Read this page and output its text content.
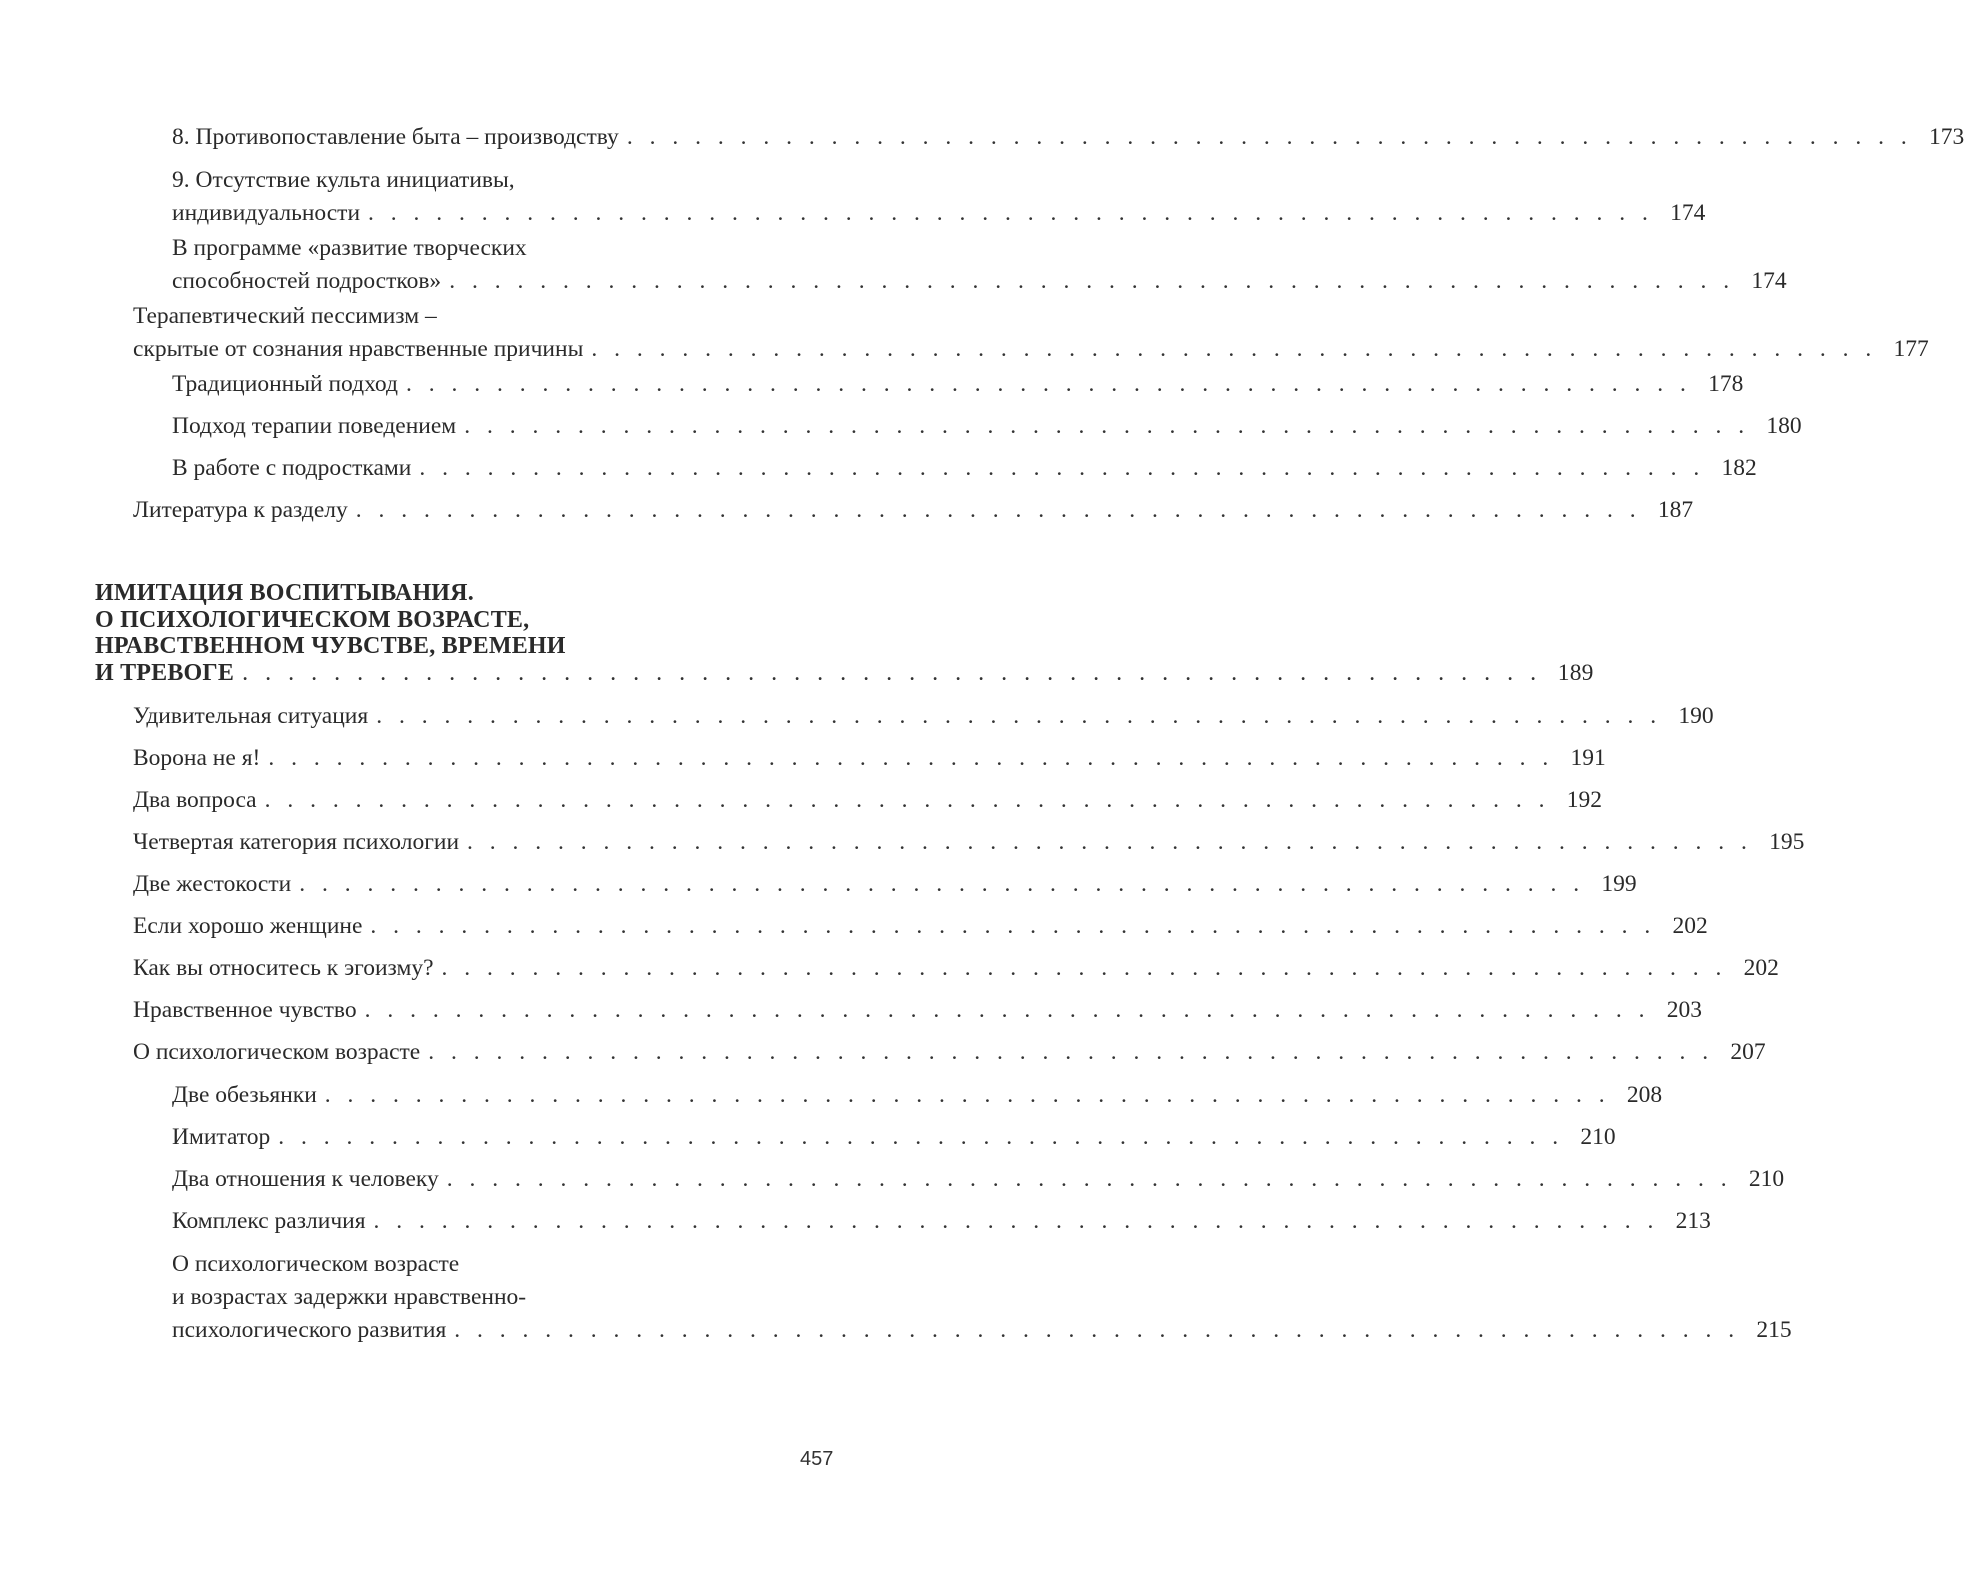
8. Противопоставление быта – производству . . . . . . . . . . . . . . . . . . . . . . . . . . . . . . . . . . . . . . . . . . . . . . . . . . . . . . . . . 173
9. Отсутствие культа инициативы,
индивидуальности . . . . . . . . . . . . . . . . . . . . . . . . . . . . . . . . . . . . . . . . . . . . . . . . . . . . . . . . . 174
В программе «развитие творческих
способностей подростков» . . . . . . . . . . . . . . . . . . . . . . . . . . . . . . . . . . . . . . . . . . . . . . . . . . . . . . . . . 174
Терапевтический пессимизм –
скрытые от сознания нравственные причины . . . . . . . . . . . . . . . . . . . . . . . . . . . . . . . . . . . . . . . . . . . . . . . . . . . . . . . . . 177
Традиционный подход . . . . . . . . . . . . . . . . . . . . . . . . . . . . . . . . . . . . . . . . . . . . . . . . . . . . . . . . . 178
Подход терапии поведением . . . . . . . . . . . . . . . . . . . . . . . . . . . . . . . . . . . . . . . . . . . . . . . . . . . . . . . . . 180
В работе с подростками . . . . . . . . . . . . . . . . . . . . . . . . . . . . . . . . . . . . . . . . . . . . . . . . . . . . . . . . . 182
Литература к разделу . . . . . . . . . . . . . . . . . . . . . . . . . . . . . . . . . . . . . . . . . . . . . . . . . . . . . . . . . 187
ИМИТАЦИЯ ВОСПИТЫВАНИЯ.
О ПСИХОЛОГИЧЕСКОМ ВОЗРАСТЕ,
НРАВСТВЕННОМ ЧУВСТВЕ, ВРЕМЕНИ
И ТРЕВОГЕ . . . . . . . . . . . . . . . . . . . . . . . . . . . . . . . . . . . . . . . . . . . . . . . . . . . . . . . . . 189
Удивительная ситуация . . . . . . . . . . . . . . . . . . . . . . . . . . . . . . . . . . . . . . . . . . . . . . . . . . . . . . . . . 190
Ворона не я! . . . . . . . . . . . . . . . . . . . . . . . . . . . . . . . . . . . . . . . . . . . . . . . . . . . . . . . . . 191
Два вопроса . . . . . . . . . . . . . . . . . . . . . . . . . . . . . . . . . . . . . . . . . . . . . . . . . . . . . . . . . 192
Четвертая категория психологии . . . . . . . . . . . . . . . . . . . . . . . . . . . . . . . . . . . . . . . . . . . . . . . . . . . . . . . . . 195
Две жестокости . . . . . . . . . . . . . . . . . . . . . . . . . . . . . . . . . . . . . . . . . . . . . . . . . . . . . . . . . 199
Если хорошо женщине . . . . . . . . . . . . . . . . . . . . . . . . . . . . . . . . . . . . . . . . . . . . . . . . . . . . . . . . . 202
Как вы относитесь к эгоизму? . . . . . . . . . . . . . . . . . . . . . . . . . . . . . . . . . . . . . . . . . . . . . . . . . . . . . . . . . 202
Нравственное чувство . . . . . . . . . . . . . . . . . . . . . . . . . . . . . . . . . . . . . . . . . . . . . . . . . . . . . . . . . 203
О психологическом возрасте . . . . . . . . . . . . . . . . . . . . . . . . . . . . . . . . . . . . . . . . . . . . . . . . . . . . . . . . . 207
Две обезьянки . . . . . . . . . . . . . . . . . . . . . . . . . . . . . . . . . . . . . . . . . . . . . . . . . . . . . . . . . 208
Имитатор . . . . . . . . . . . . . . . . . . . . . . . . . . . . . . . . . . . . . . . . . . . . . . . . . . . . . . . . . 210
Два отношения к человеку . . . . . . . . . . . . . . . . . . . . . . . . . . . . . . . . . . . . . . . . . . . . . . . . . . . . . . . . . 210
Комплекс различия . . . . . . . . . . . . . . . . . . . . . . . . . . . . . . . . . . . . . . . . . . . . . . . . . . . . . . . . . 213
О психологическом возрасте
и возрастах задержки нравственно-
психологического развития . . . . . . . . . . . . . . . . . . . . . . . . . . . . . . . . . . . . . . . . . . . . . . . . . . . . . . . . . 215
457
